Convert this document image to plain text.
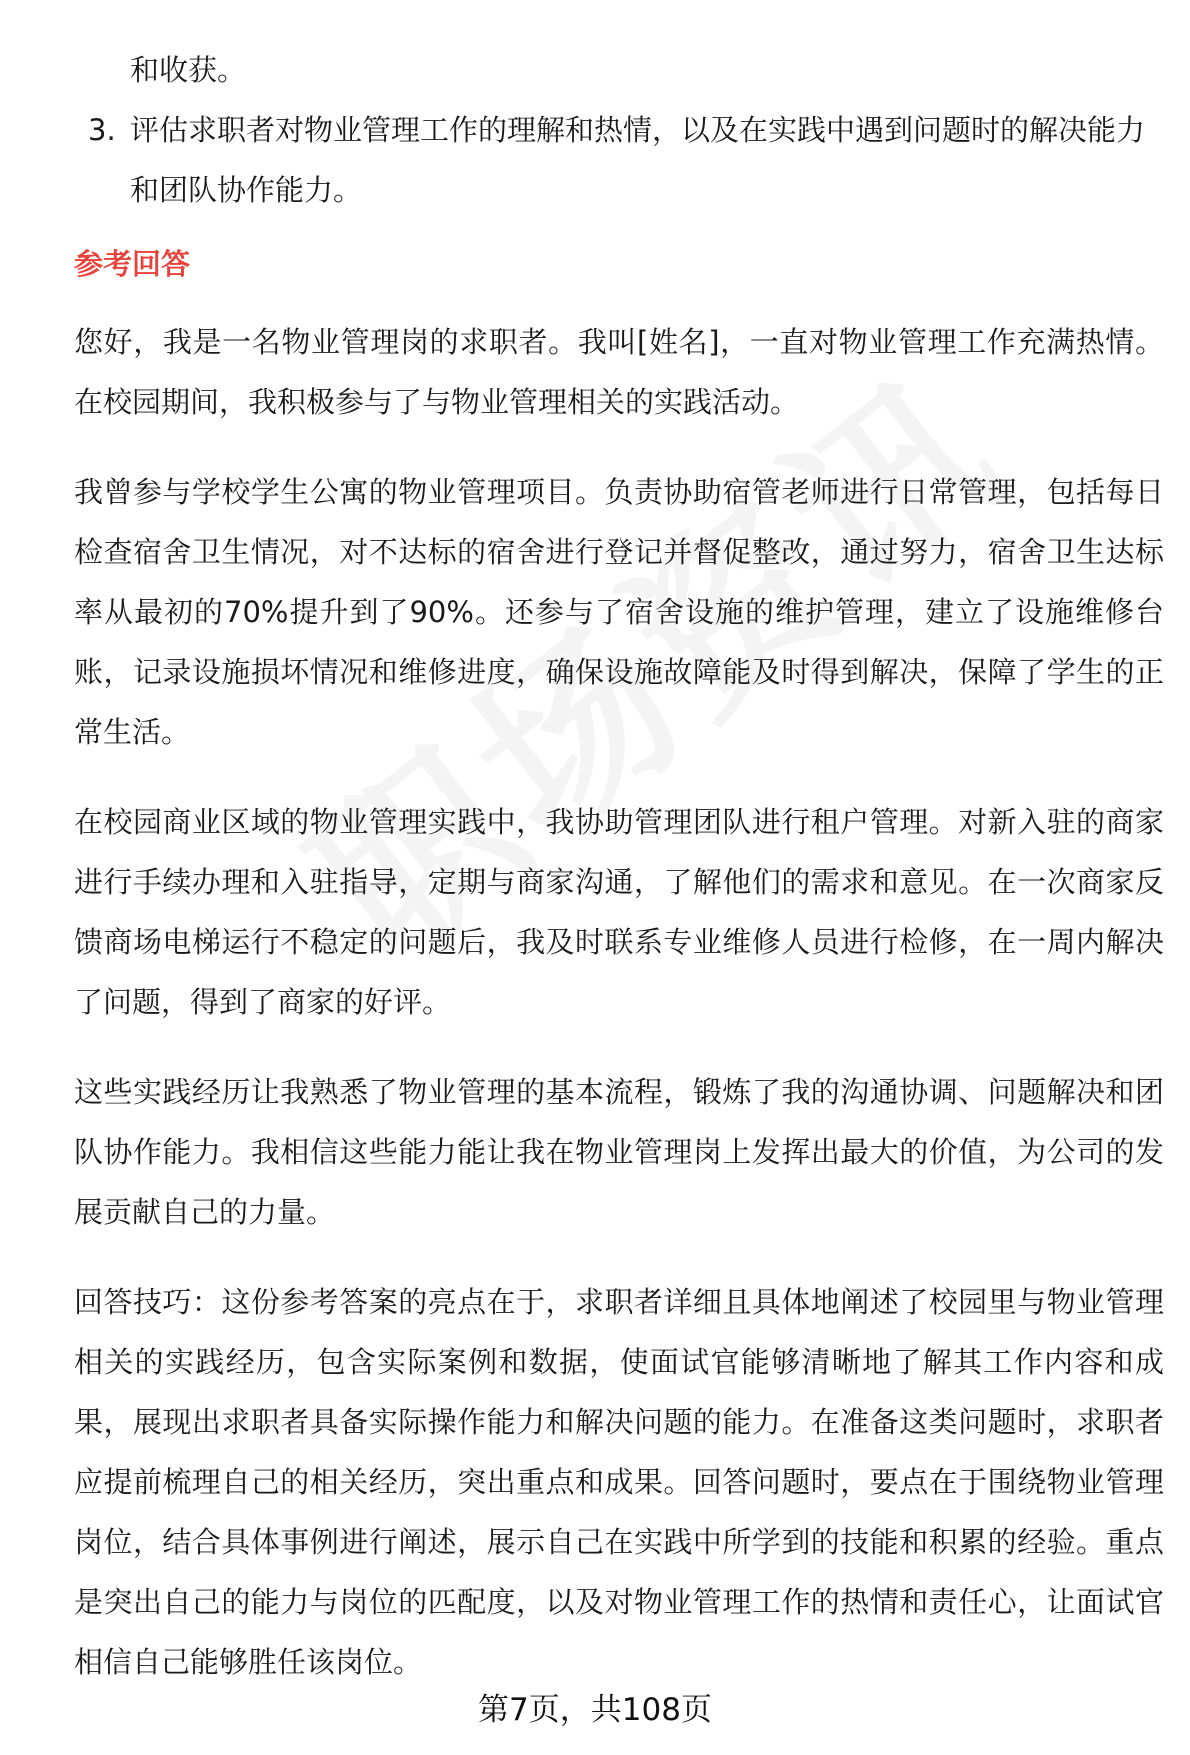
和收获。

3. 评估求职者对物业管理工作的理解和热情，以及在实践中遇到问题时的解决能力和团队协作能力。
参考回答

您好，我是一名物业管理岗的求职者。我叫[姓名]，一直对物业管理工作充满热情。在校园期间，我积极参与了与物业管理相关的实践活动。

我曾参与学校学生公寓的物业管理项目。负责协助宿管老师进行日常管理，包括每日检查宿舍卫生情况，对不达标的宿舍进行登记并督促整改，通过努力，宿舍卫生达标率从最初的70%提升到了90%。还参与了宿舍设施的维护管理，建立了设施维修台账，记录设施损坏情况和维修进度，确保设施故障能及时得到解决，保障了学生的正常生活。

在校园商业区域的物业管理实践中，我协助管理团队进行租户管理。对新入驻的商家进行手续办理和入驻指导，定期与商家沟通，了解他们的需求和意见。在一次商家反馈商场电梯运行不稳定的问题后，我及时联系专业维修人员进行检修，在一周内解决了问题，得到了商家的好评。

这些实践经历让我熟悉了物业管理的基本流程，锻炼了我的沟通协调、问题解决和团队协作能力。我相信这些能力能让我在物业管理岗上发挥出最大的价值，为公司的发展贡献自己的力量。

回答技巧：这份参考答案的亮点在于，求职者详细且具体地阐述了校园里与物业管理相关的实践经历，包含实际案例和数据，使面试官能够清晰地了解其工作内容和成果，展现出求职者具备实际操作能力和解决问题的能力。在准备这类问题时，求职者应提前梳理自己的相关经历，突出重点和成果。回答问题时，要点在于围绕物业管理岗位，结合具体事例进行阐述，展示自己在实践中所学到的技能和积累的经验。重点是突出自己的能力与岗位的匹配度，以及对物业管理工作的热情和责任心，让面试官相信自己能够胜任该岗位。

第7页，共108页
